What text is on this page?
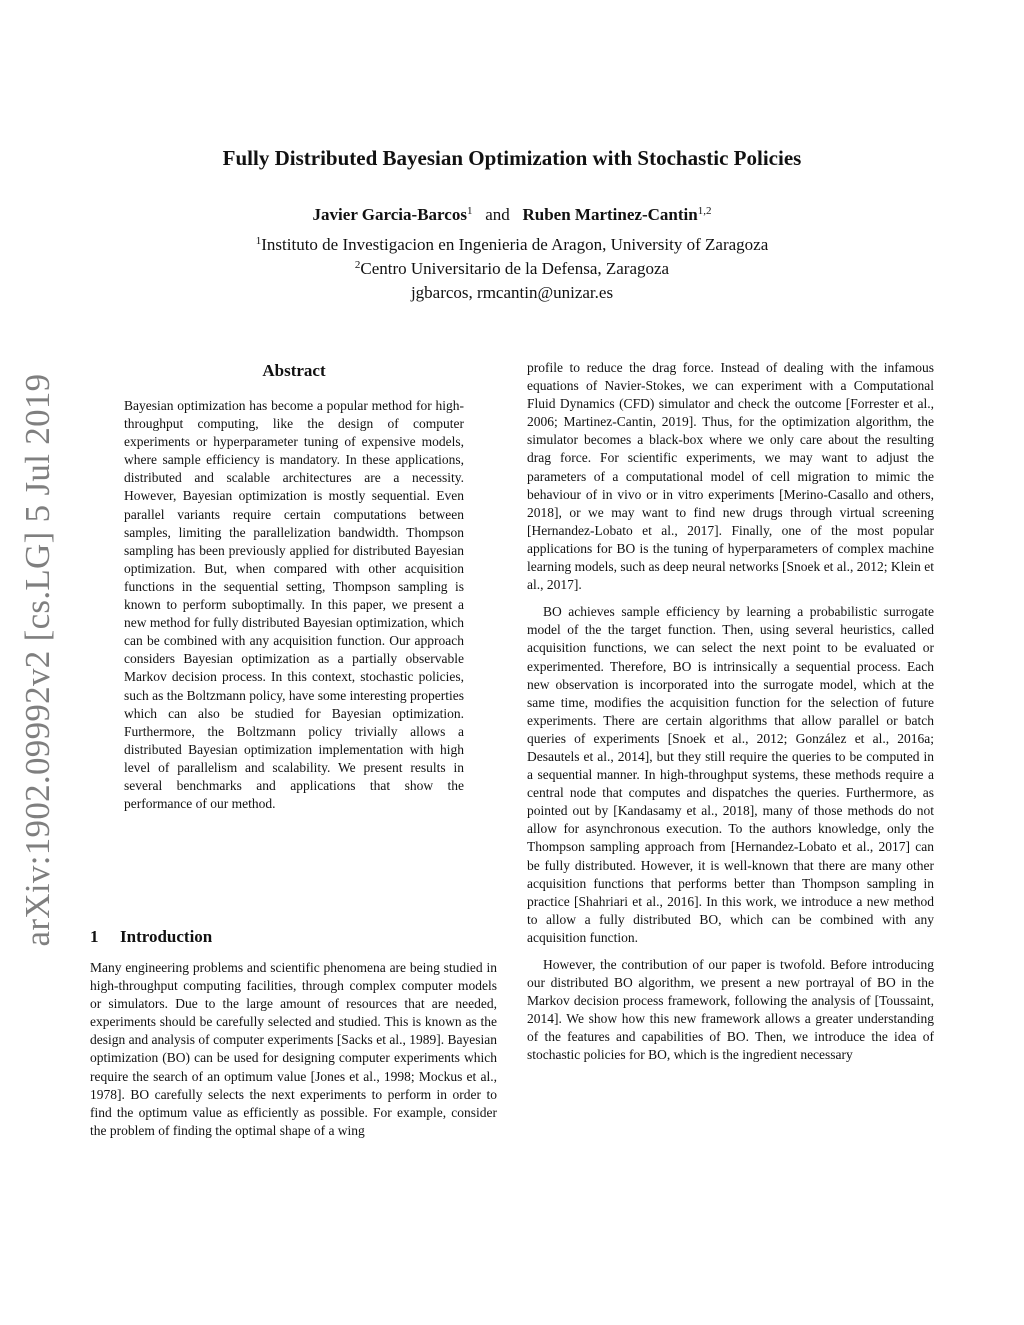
arXiv:1902.09992v2 [cs.LG] 5 Jul 2019
Fully Distributed Bayesian Optimization with Stochastic Policies
Javier Garcia-Barcos$^1$ and Ruben Martinez-Cantin$^{1,2}$
$^1$Instituto de Investigacion en Ingenieria de Aragon, University of Zaragoza
$^2$Centro Universitario de la Defensa, Zaragoza
jgbarcos, rmcantin@unizar.es
Abstract
Bayesian optimization has become a popular method for high-throughput computing, like the design of computer experiments or hyperparameter tuning of expensive models, where sample efficiency is mandatory. In these applications, distributed and scalable architectures are a necessity. However, Bayesian optimization is mostly sequential. Even parallel variants require certain computations between samples, limiting the parallelization bandwidth. Thompson sampling has been previously applied for distributed Bayesian optimization. But, when compared with other acquisition functions in the sequential setting, Thompson sampling is known to perform suboptimally. In this paper, we present a new method for fully distributed Bayesian optimization, which can be combined with any acquisition function. Our approach considers Bayesian optimization as a partially observable Markov decision process. In this context, stochastic policies, such as the Boltzmann policy, have some interesting properties which can also be studied for Bayesian optimization. Furthermore, the Boltzmann policy trivially allows a distributed Bayesian optimization implementation with high level of parallelism and scalability. We present results in several benchmarks and applications that show the performance of our method.
1 Introduction

Many engineering problems and scientific phenomena are being studied in high-throughput computing facilities, through complex computer models or simulators. Due to the large amount of resources that are needed, experiments should be carefully selected and studied. This is known as the design and analysis of computer experiments [Sacks et al., 1989]. Bayesian optimization (BO) can be used for designing computer experiments which require the search of an optimum value [Jones et al., 1998; Mockus et al., 1978]. BO carefully selects the next experiments to perform in order to find the optimum value as efficiently as possible. For example, consider the problem of finding the optimal shape of a wing

profile to reduce the drag force. Instead of dealing with the infamous equations of Navier-Stokes, we can experiment with a Computational Fluid Dynamics (CFD) simulator and check the outcome [Forrester et al., 2006; Martinez-Cantin, 2019]. Thus, for the optimization algorithm, the simulator becomes a black-box where we only care about the resulting drag force. For scientific experiments, we may want to adjust the parameters of a computational model of cell migration to mimic the behaviour of in vivo or in vitro experiments [Merino-Casallo and others, 2018], or we may want to find new drugs through virtual screening [Hernandez-Lobato et al., 2017]. Finally, one of the most popular applications for BO is the tuning of hyperparameters of complex machine learning models, such as deep neural networks [Snoek et al., 2012; Klein et al., 2017].

BO achieves sample efficiency by learning a probabilistic surrogate model of the the target function. Then, using several heuristics, called acquisition functions, we can select the next point to be evaluated or experimented. Therefore, BO is intrinsically a sequential process. Each new observation is incorporated into the surrogate model, which at the same time, modifies the acquisition function for the selection of future experiments. There are certain algorithms that allow parallel or batch queries of experiments [Snoek et al., 2012; González et al., 2016a; Desautels et al., 2014], but they still require the queries to be computed in a sequential manner. In high-throughput systems, these methods require a central node that computes and dispatches the queries. Furthermore, as pointed out by [Kandasamy et al., 2018], many of those methods do not allow for asynchronous execution. To the authors knowledge, only the Thompson sampling approach from [Hernandez-Lobato et al., 2017] can be fully distributed. However, it is well-known that there are many other acquisition functions that performs better than Thompson sampling in practice [Shahriari et al., 2016]. In this work, we introduce a new method to allow a fully distributed BO, which can be combined with any acquisition function.

However, the contribution of our paper is twofold. Before introducing our distributed BO algorithm, we present a new portrayal of BO in the Markov decision process framework, following the analysis of [Toussaint, 2014]. We show how this new framework allows a greater understanding of the features and capabilities of BO. Then, we introduce the idea of stochastic policies for BO, which is the ingredient necessary
